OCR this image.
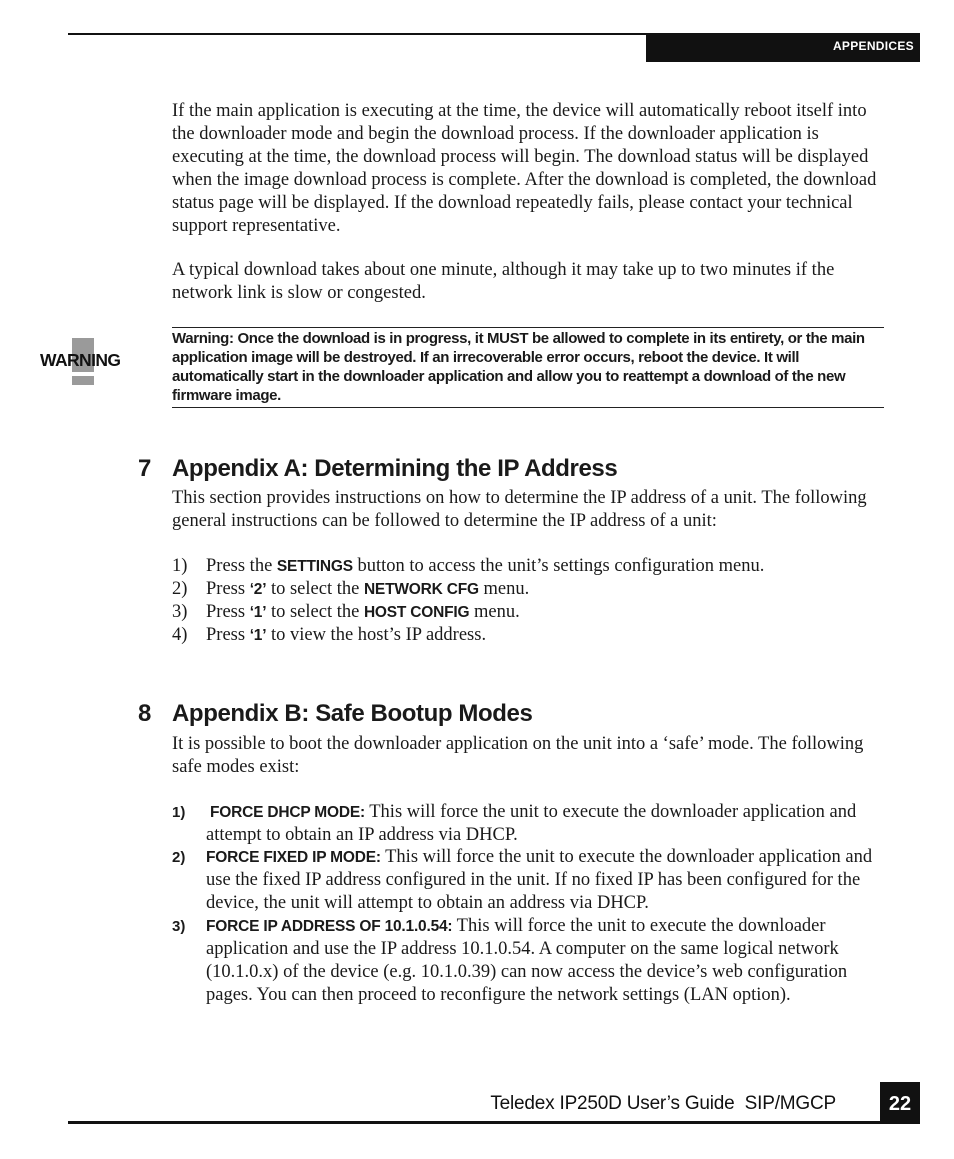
APPENDICES

If the main application is executing at the time, the device will automatically reboot itself into the downloader mode and begin the download process. If the downloader application is executing at the time, the download process will begin. The download status will be displayed when the image download process is complete. After the download is completed, the download status page will be displayed. If the download repeatedly fails, please contact your technical support representative.

A typical download takes about one minute, although it may take up to two minutes if the network link is slow or congested.

WARNING
Warning: Once the download is in progress, it MUST be allowed to complete in its entirety, or the main application image will be destroyed. If an irrecoverable error occurs, reboot the device. It will automatically start in the downloader application and allow you to reattempt a download of the new firmware image.
7 Appendix A: Determining the IP Address

This section provides instructions on how to determine the IP address of a unit. The following general instructions can be followed to determine the IP address of a unit:

1) Press the SETTINGS button to access the unit’s settings configuration menu.
2) Press ‘2’ to select the NETWORK CFG menu.
3) Press ‘1’ to select the HOST CONFIG menu.
4) Press ‘1’ to view the host’s IP address.
8 Appendix B: Safe Bootup Modes

It is possible to boot the downloader application on the unit into a ‘safe’ mode. The following safe modes exist:

1) FORCE DHCP MODE: This will force the unit to execute the downloader application and attempt to obtain an IP address via DHCP.
2) FORCE FIXED IP MODE: This will force the unit to execute the downloader application and use the fixed IP address configured in the unit. If no fixed IP has been configured for the device, the unit will attempt to obtain an address via DHCP.
3) FORCE IP ADDRESS OF 10.1.0.54: This will force the unit to execute the downloader application and use the IP address 10.1.0.54. A computer on the same logical network (10.1.0.x) of the device (e.g. 10.1.0.39) can now access the device’s web configuration pages. You can then proceed to reconfigure the network settings (LAN option).
Teledex IP250D User’s Guide  SIP/MGCP	22
